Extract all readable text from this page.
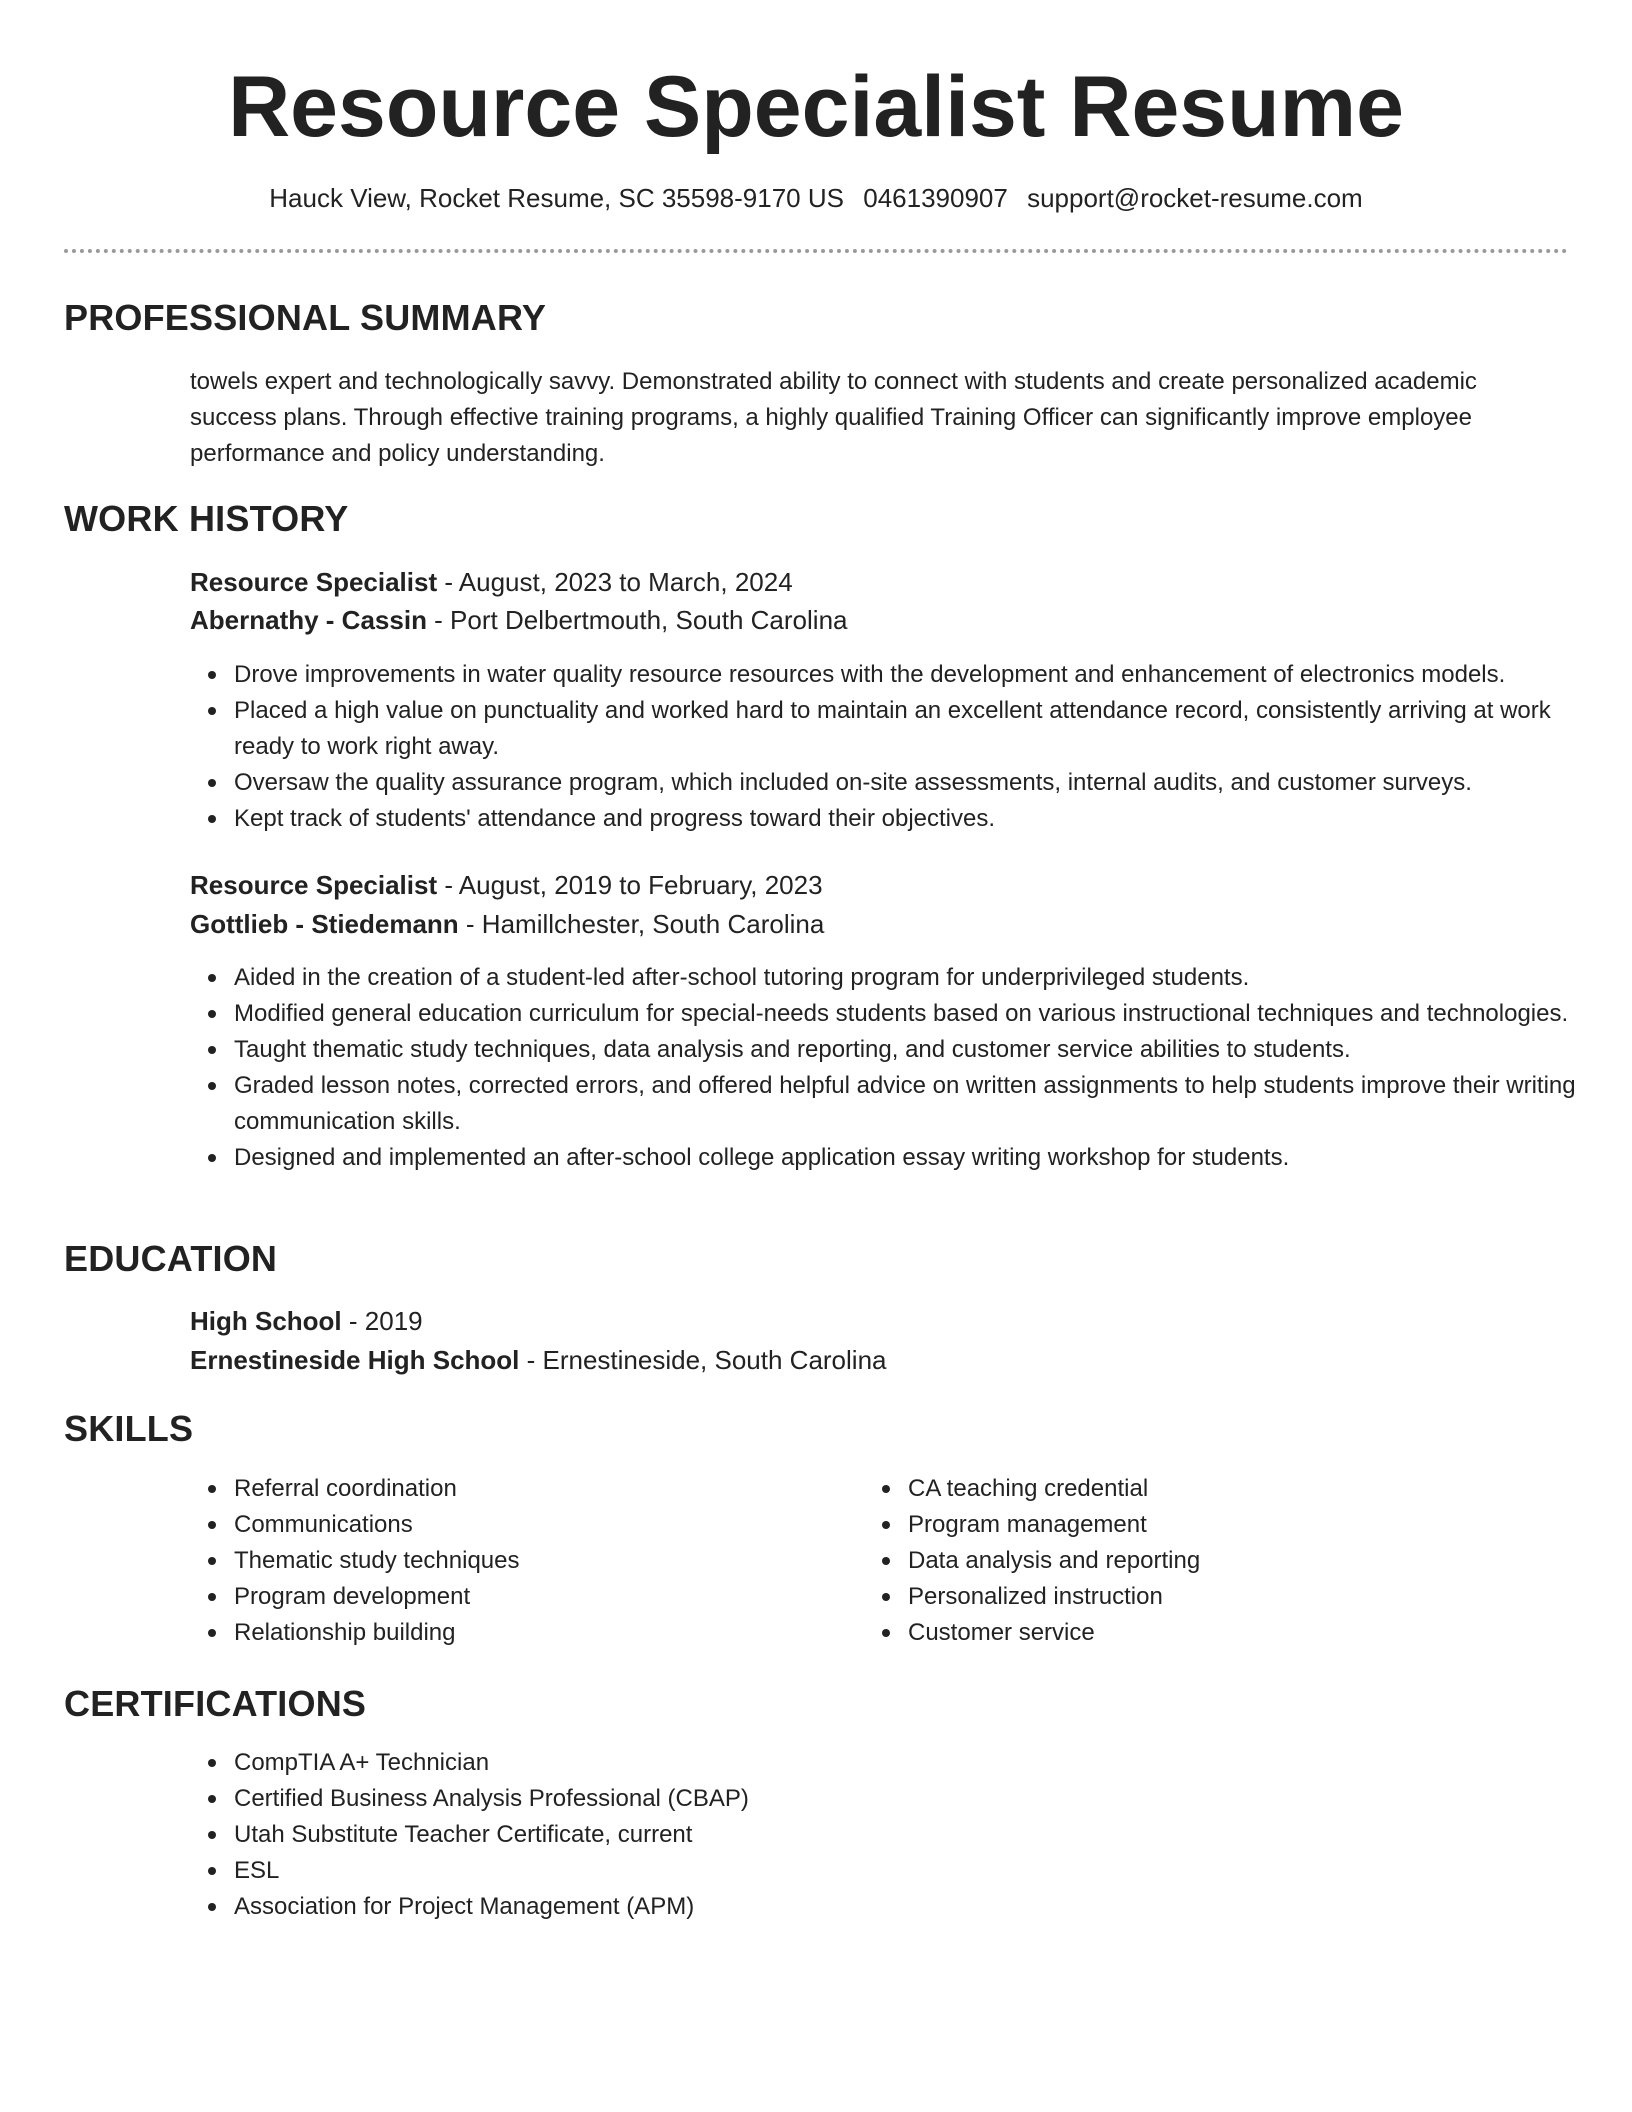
Resource Specialist Resume
Hauck View, Rocket Resume, SC 35598-9170 US 0461390907 support@rocket-resume.com
PROFESSIONAL SUMMARY

towels expert and technologically savvy. Demonstrated ability to connect with students and create personalized academic success plans. Through effective training programs, a highly qualified Training Officer can significantly improve employee performance and policy understanding.

WORK HISTORY
Resource Specialist - August, 2023 to March, 2024
Abernathy - Cassin - Port Delbertmouth, South Carolina
Drove improvements in water quality resource resources with the development and enhancement of electronics models.
Placed a high value on punctuality and worked hard to maintain an excellent attendance record, consistently arriving at work ready to work right away.
Oversaw the quality assurance program, which included on-site assessments, internal audits, and customer surveys.
Kept track of students' attendance and progress toward their objectives.
Resource Specialist - August, 2019 to February, 2023
Gottlieb - Stiedemann - Hamillchester, South Carolina
Aided in the creation of a student-led after-school tutoring program for underprivileged students.
Modified general education curriculum for special-needs students based on various instructional techniques and technologies.
Taught thematic study techniques, data analysis and reporting, and customer service abilities to students.
Graded lesson notes, corrected errors, and offered helpful advice on written assignments to help students improve their writing communication skills.
Designed and implemented an after-school college application essay writing workshop for students.
EDUCATION
High School - 2019
Ernestineside High School - Ernestineside, South Carolina
SKILLS
Referral coordination
Communications
Thematic study techniques
Program development
Relationship building
CA teaching credential
Program management
Data analysis and reporting
Personalized instruction
Customer service
CERTIFICATIONS
CompTIA A+ Technician
Certified Business Analysis Professional (CBAP)
Utah Substitute Teacher Certificate, current
ESL
Association for Project Management (APM)
